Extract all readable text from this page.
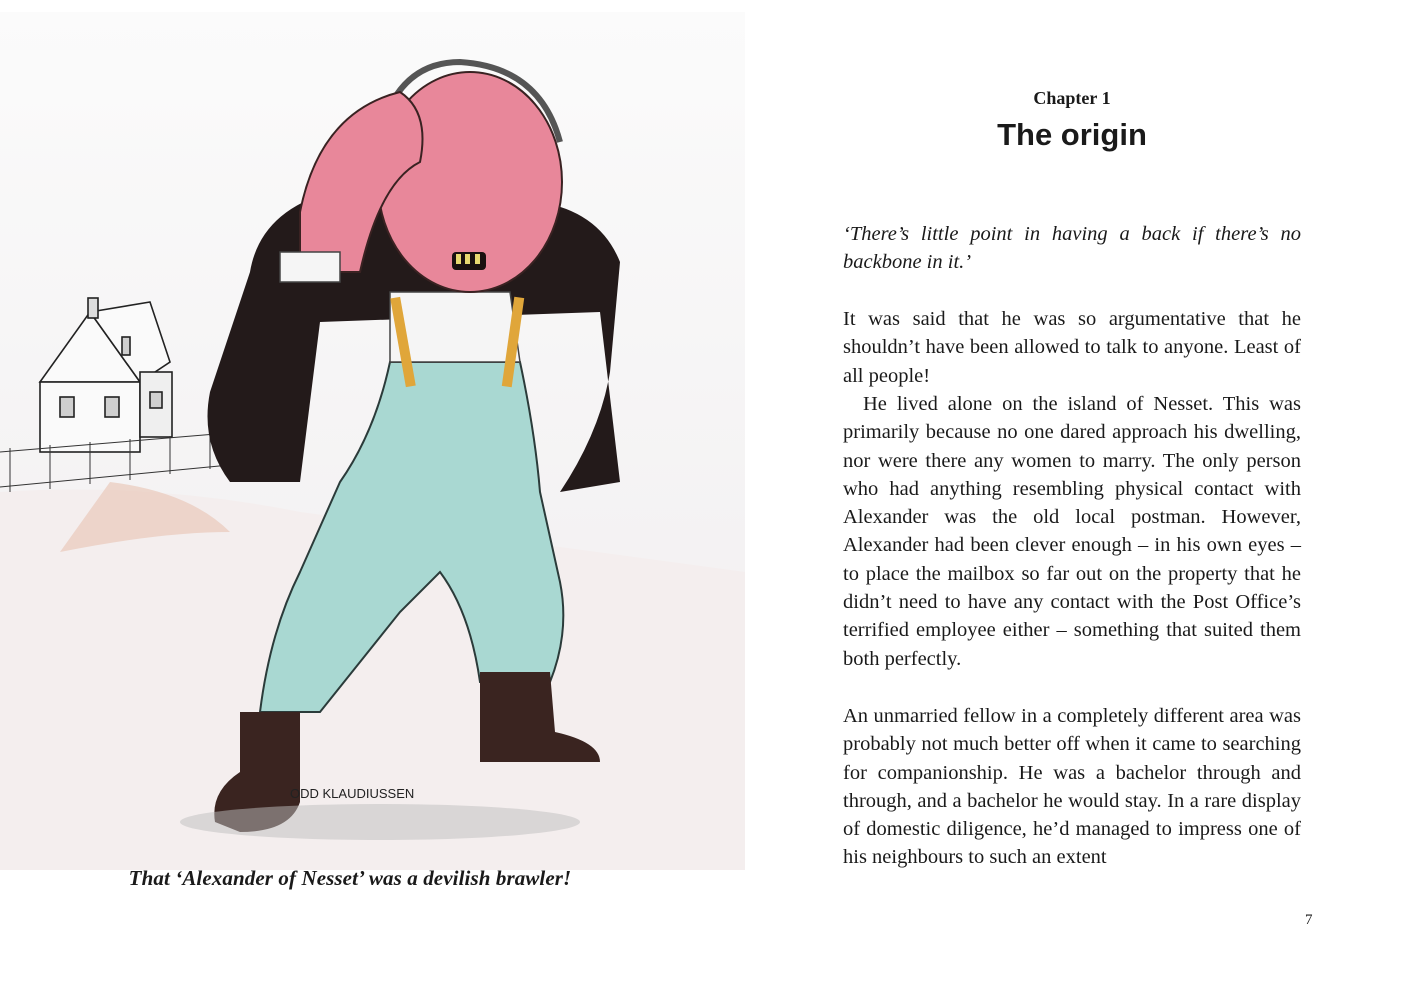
ODD KLAUDIUSSEN
That ‘Alexander of Nesset’ was a devilish brawler!
Chapter 1
The origin
‘There’s little point in having a back if there’s no backbone in it.’
It was said that he was so argumentative that he shouldn’t have been allowed to talk to anyone. Least of all people!
He lived alone on the island of Nesset. This was primarily because no one dared approach his dwelling, nor were there any women to marry. The only person who had anything resembling physical contact with Alexander was the old local postman. However, Alexander had been clever enough – in his own eyes – to place the mailbox so far out on the property that he didn’t need to have any contact with the Post Office’s terrified employee either – something that suited them both perfectly.
An unmarried fellow in a completely different area was probably not much better off when it came to searching for companionship. He was a bachelor through and through, and a bachelor he would stay. In a rare display of domestic diligence, he’d managed to impress one of his neighbours to such an extent
7
